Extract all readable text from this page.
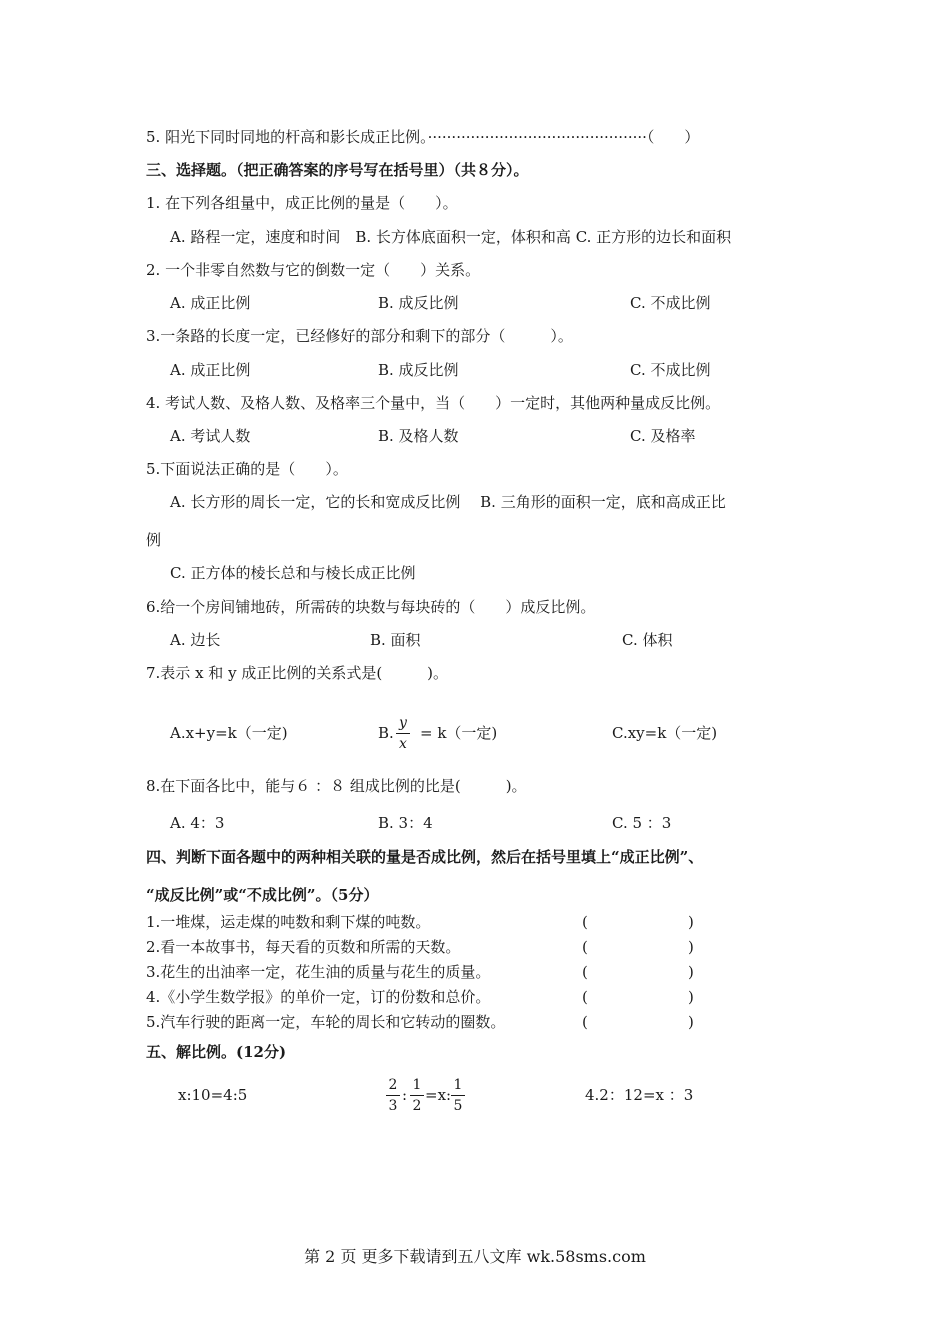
5. 阳光下同时同地的杆高和影长成正比例。··············································（　　）
三、选择题。（把正确答案的序号写在括号里）（共８分）。
1. 在下列各组量中，成正比例的量是（　　）。
A. 路程一定，速度和时间　B. 长方体底面积一定，体积和高 C. 正方形的边长和面积
2. 一个非零自然数与它的倒数一定（　　）关系。
A. 成正比例	B. 成反比例	C. 不成比例
3.一条路的长度一定，已经修好的部分和剩下的部分（　　　）。
A. 成正比例	B. 成反比例	C. 不成比例
4. 考试人数、及格人数、及格率三个量中，当（　　）一定时，其他两种量成反比例。
A. 考试人数	B. 及格人数	C. 及格率
5.下面说法正确的是（　　）。
A. 长方形的周长一定，它的长和宽成反比例　 B. 三角形的面积一定，底和高成正比
例
C. 正方体的棱长总和与棱长成正比例
6.给一个房间铺地砖，所需砖的块数与每块砖的（　　）成反比例。
A. 边长	B. 面积	C. 体积
7.表示 x 和 y 成正比例的关系式是(　　　)。
A.x+y=k（一定)	B.
y
x
= k（一定)	C.xy=k（一定)
8.在下面各比中，能与６ ：８ 组成比例的比是(　　　)。
A. 4：3	B. 3：4	C. 5 ：3
四、判断下面各题中的两种相关联的量是否成比例，然后在括号里填上“成正比例”、
“成反比例”或“不成比例”。（5分）
1.一堆煤，运走煤的吨数和剩下煤的吨数。	(	)
2.看一本故事书，每天看的页数和所需的天数。	(	)
3.花生的出油率一定，花生油的质量与花生的质量。	(	)
4.《小学生数学报》的单价一定，订的份数和总价。	(	)
5.汽车行驶的距离一定，车轮的周长和它转动的圈数。	(	)
五、解比例。(12分)
x:10=4:5
2
3
:
1
2
=x:
1
5
4.2：12=x ：3
第 2 页 更多下载请到五八文库 wk.58sms.com
